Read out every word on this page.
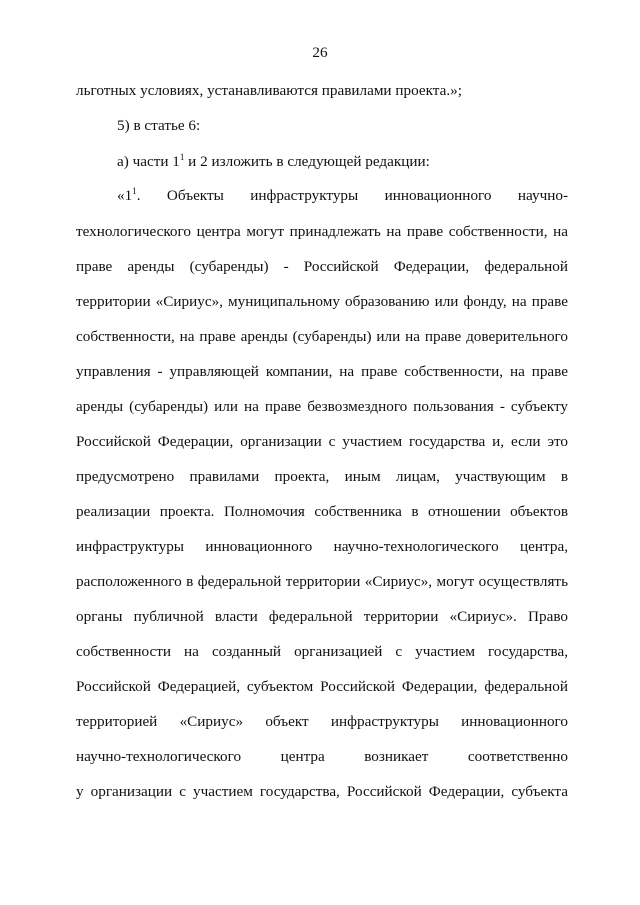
26
льготных условиях, устанавливаются правилами проекта.»;
5) в статье 6:
а) части $1^1$ и 2 изложить в следующей редакции:
«$1^1$. Объекты инфраструктуры инновационного научно-
технологического центра могут принадлежать на праве собственности, на
праве аренды (субаренды) - Российской Федерации, федеральной
территории «Сириус», муниципальному образованию или фонду, на праве
собственности, на праве аренды (субаренды) или на праве доверительного
управления - управляющей компании, на праве собственности, на праве
аренды (субаренды) или на праве безвозмездного пользования - субъекту
Российской Федерации, организации с участием государства и, если это
предусмотрено правилами проекта, иным лицам, участвующим в
реализации проекта. Полномочия собственника в отношении объектов
инфраструктуры инновационного научно-технологического центра,
расположенного в федеральной территории «Сириус», могут осуществлять
органы публичной власти федеральной территории «Сириус». Право
собственности на созданный организацией с участием государства,
Российской Федерацией, субъектом Российской Федерации, федеральной
территорией «Сириус» объект инфраструктуры инновационного
научно-технологического центра возникает соответственно
у организации с участием государства, Российской Федерации, субъекта
